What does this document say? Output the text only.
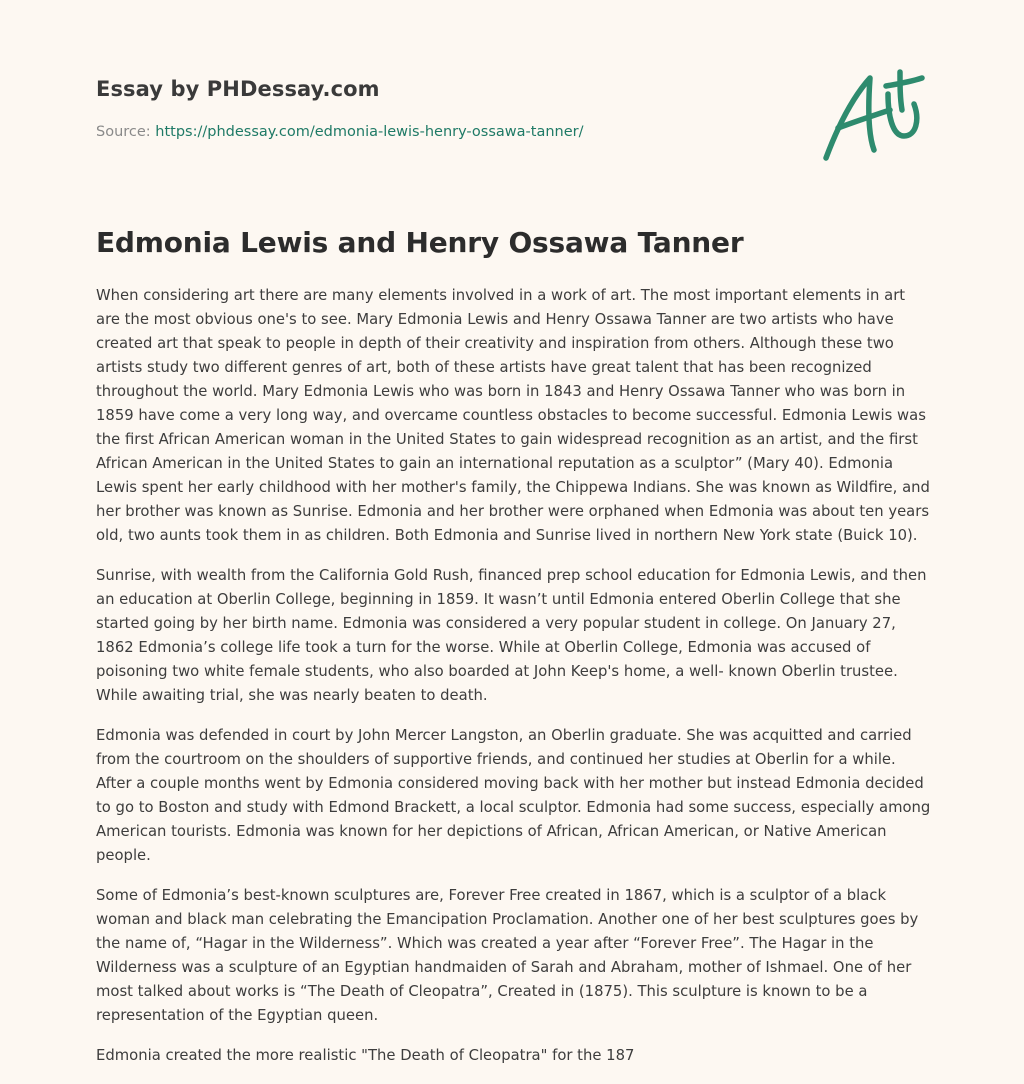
Essay by PHDessay.com
Source: https://phdessay.com/edmonia-lewis-henry-ossawa-tanner/
Edmonia Lewis and Henry Ossawa Tanner

When considering art there are many elements involved in a work of art. The most important elements in art are the most obvious one's to see. Mary Edmonia Lewis and Henry Ossawa Tanner are two artists who have created art that speak to people in depth of their creativity and inspiration from others. Although these two artists study two different genres of art, both of these artists have great talent that has been recognized throughout the world. Mary Edmonia Lewis who was born in 1843 and Henry Ossawa Tanner who was born in 1859 have come a very long way, and overcame countless obstacles to become successful. Edmonia Lewis was the first African American woman in the United States to gain widespread recognition as an artist, and the first African American in the United States to gain an international reputation as a sculptor” (Mary 40). Edmonia Lewis spent her early childhood with her mother's family, the Chippewa Indians. She was known as Wildfire, and her brother was known as Sunrise. Edmonia and her brother were orphaned when Edmonia was about ten years old, two aunts took them in as children. Both Edmonia and Sunrise lived in northern New York state (Buick 10).

Sunrise, with wealth from the California Gold Rush, financed prep school education for Edmonia Lewis, and then an education at Oberlin College, beginning in 1859. It wasn’t until Edmonia entered Oberlin College that she started going by her birth name. Edmonia was considered a very popular student in college. On January 27, 1862 Edmonia’s college life took a turn for the worse. While at Oberlin College, Edmonia was accused of poisoning two white female students, who also boarded at John Keep's home, a well- known Oberlin trustee. While awaiting trial, she was nearly beaten to death.

Edmonia was defended in court by John Mercer Langston, an Oberlin graduate. She was acquitted and carried from the courtroom on the shoulders of supportive friends, and continued her studies at Oberlin for a while. After a couple months went by Edmonia considered moving back with her mother but instead Edmonia decided to go to Boston and study with Edmond Brackett, a local sculptor. Edmonia had some success, especially among American tourists. Edmonia was known for her depictions of African, African American, or Native American people.

Some of Edmonia’s best-known sculptures are, Forever Free created in 1867, which is a sculptor of a black woman and black man celebrating the Emancipation Proclamation. Another one of her best sculptures goes by the name of, “Hagar in the Wilderness”. Which was created a year after “Forever Free”. The Hagar in the Wilderness was a sculpture of an Egyptian handmaiden of Sarah and Abraham, mother of Ishmael. One of her most talked about works is “The Death of Cleopatra”, Created in (1875). This sculpture is known to be a representation of the Egyptian queen.

Edmonia created the more realistic "The Death of Cleopatra" for the 187
